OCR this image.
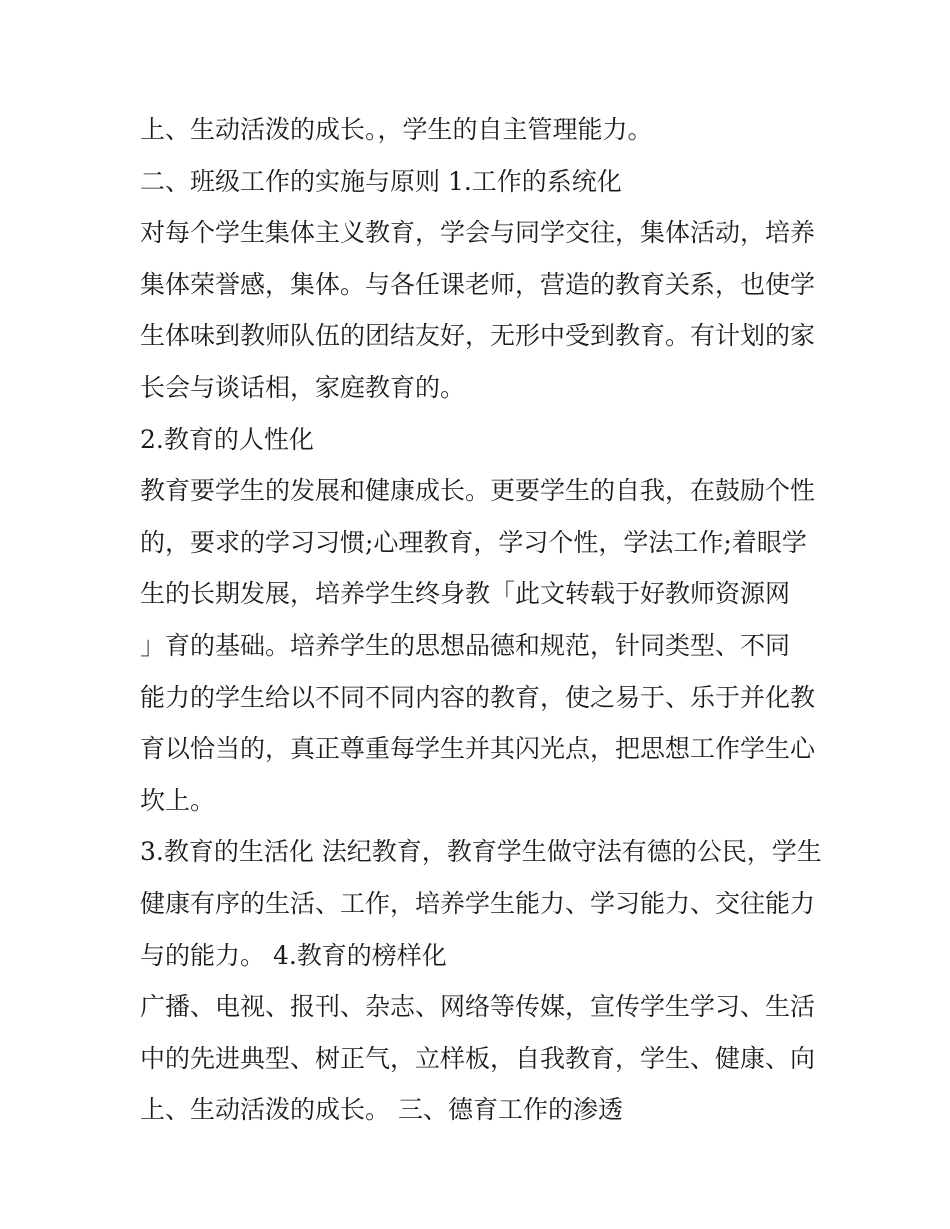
上、生动活泼的成长。，学生的自主管理能力。
二、班级工作的实施与原则 1.工作的系统化
对每个学生集体主义教育，学会与同学交往，集体活动，培养
集体荣誉感，集体。与各任课老师，营造的教育关系，也使学
生体味到教师队伍的团结友好，无形中受到教育。有计划的家
长会与谈话相，家庭教育的。
2.教育的人性化
教育要学生的发展和健康成长。更要学生的自我，在鼓励个性
的，要求的学习习惯;心理教育，学习个性，学法工作;着眼学
生的长期发展，培养学生终身教「此文转载于好教师资源网
」育的基础。培养学生的思想品德和规范，针同类型、不同
能力的学生给以不同不同内容的教育，使之易于、乐于并化教
育以恰当的，真正尊重每学生并其闪光点，把思想工作学生心
坎上。
3.教育的生活化 法纪教育，教育学生做守法有德的公民，学生
健康有序的生活、工作，培养学生能力、学习能力、交往能力
与的能力。 4.教育的榜样化
广播、电视、报刊、杂志、网络等传媒，宣传学生学习、生活
中的先进典型、树正气，立样板，自我教育，学生、健康、向
上、生动活泼的成长。 三、德育工作的渗透
